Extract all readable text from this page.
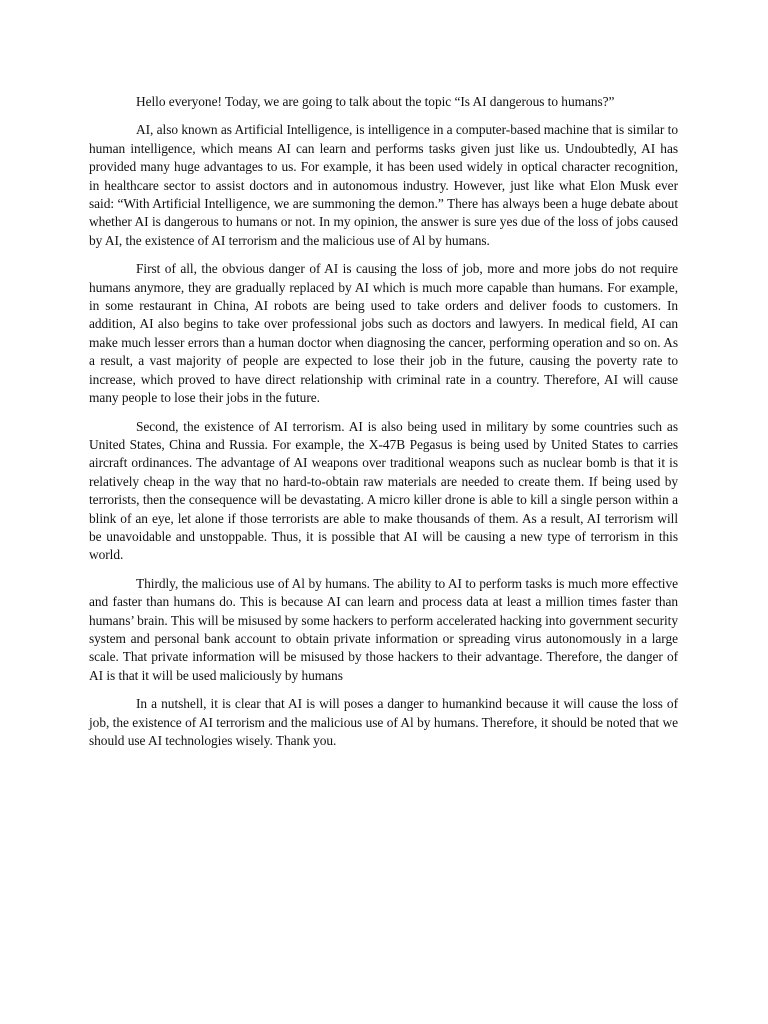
Hello everyone! Today, we are going to talk about the topic “Is AI dangerous to humans?”

AI, also known as Artificial Intelligence, is intelligence in a computer-based machine that is similar to human intelligence, which means AI can learn and performs tasks given just like us. Undoubtedly, AI has provided many huge advantages to us. For example, it has been used widely in optical character recognition, in healthcare sector to assist doctors and in autonomous industry. However, just like what Elon Musk ever said: “With Artificial Intelligence, we are summoning the demon.” There has always been a huge debate about whether AI is dangerous to humans or not. In my opinion, the answer is sure yes due of the loss of jobs caused by AI, the existence of AI terrorism and the malicious use of Al by humans.

First of all, the obvious danger of AI is causing the loss of job, more and more jobs do not require humans anymore, they are gradually replaced by AI which is much more capable than humans. For example, in some restaurant in China, AI robots are being used to take orders and deliver foods to customers. In addition, AI also begins to take over professional jobs such as doctors and lawyers. In medical field, AI can make much lesser errors than a human doctor when diagnosing the cancer, performing operation and so on. As a result, a vast majority of people are expected to lose their job in the future, causing the poverty rate to increase, which proved to have direct relationship with criminal rate in a country. Therefore, AI will cause many people to lose their jobs in the future.

Second, the existence of AI terrorism. AI is also being used in military by some countries such as United States, China and Russia. For example, the X-47B Pegasus is being used by United States to carries aircraft ordinances. The advantage of AI weapons over traditional weapons such as nuclear bomb is that it is relatively cheap in the way that no hard-to-obtain raw materials are needed to create them. If being used by terrorists, then the consequence will be devastating. A micro killer drone is able to kill a single person within a blink of an eye, let alone if those terrorists are able to make thousands of them. As a result, AI terrorism will be unavoidable and unstoppable. Thus, it is possible that AI will be causing a new type of terrorism in this world.

Thirdly, the malicious use of Al by humans. The ability to AI to perform tasks is much more effective and faster than humans do. This is because AI can learn and process data at least a million times faster than humans’ brain. This will be misused by some hackers to perform accelerated hacking into government security system and personal bank account to obtain private information or spreading virus autonomously in a large scale. That private information will be misused by those hackers to their advantage. Therefore, the danger of AI is that it will be used maliciously by humans

In a nutshell, it is clear that AI is will poses a danger to humankind because it will cause the loss of job, the existence of AI terrorism and the malicious use of Al by humans. Therefore, it should be noted that we should use AI technologies wisely. Thank you.
